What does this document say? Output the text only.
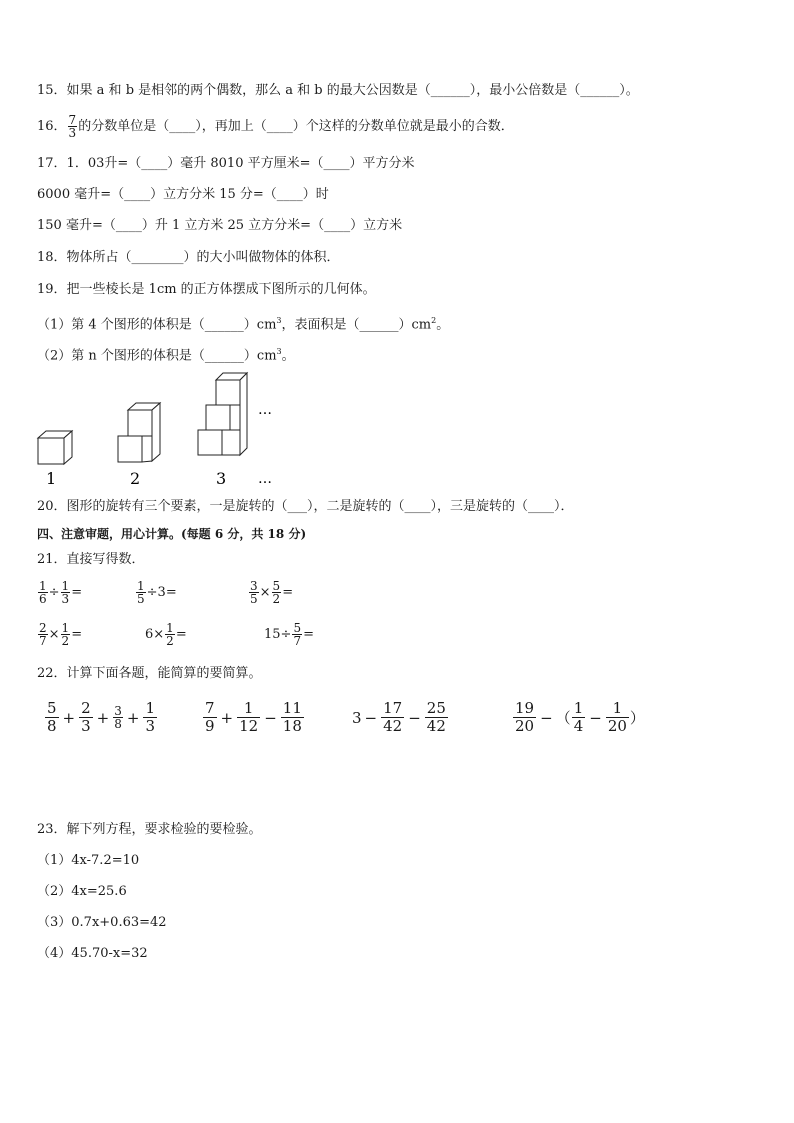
15．如果 a 和 b 是相邻的两个偶数，那么 a 和 b 的最大公因数是（______），最小公倍数是（______）。
16． $\frac{7}{3}$ 的分数单位是（____），再加上（____）个这样的分数单位就是最小的合数．
17．1．03升=（____）毫升 8010 平方厘米=（____）平方分米
6000 毫升=（____）立方分米 15 分=（____）时
150 毫升=（____）升 1 立方米 25 立方分米=（____）立方米
18．物体所占（________）的大小叫做物体的体积．
19．把一些棱长是 1cm 的正方体摆成下图所示的几何体。
（1）第 4 个图形的体积是$(\_\_\_\_\_\_)cm^3$，表面积是$(\_\_\_\_\_\_)cm^2$。
（2）第 n 个图形的体积是$(\_\_\_\_\_\_)cm^3$。
1	2	3
…
…
20．图形的旋转有三个要素，一是旋转的（___），二是旋转的（____），三是旋转的（____）．
四、注意审题，用心计算。(每题 6 分，共 18 分)
21．直接写得数．
$\frac{1}{6} \div \frac{1}{3}$ =	$\frac{1}{5} \div 3$ =	$\frac{3}{5} \times \frac{5}{2}$ =
$\frac{2}{7} \times \frac{1}{2}$ =	$6\times \frac{1}{2}$ =	$15\div \frac{5}{7}$ =
22．计算下面各题，能简算的要简算。
$\frac{5}{8} + \frac{2}{3} + \frac{3}{8} + \frac{1}{3}$	$\frac{7}{9} + \frac{1}{12} - \frac{11}{18}$	$3 - \frac{17}{42} - \frac{25}{42}$	$\frac{19}{20}$ − （ $\frac{1}{4} - \frac{1}{20}$ ）
23．解下列方程，要求检验的要检验。
（1）4x-7.2=10
（2）4x=25.6
（3）0.7x+0.63=42
（4）45.70-x=32
